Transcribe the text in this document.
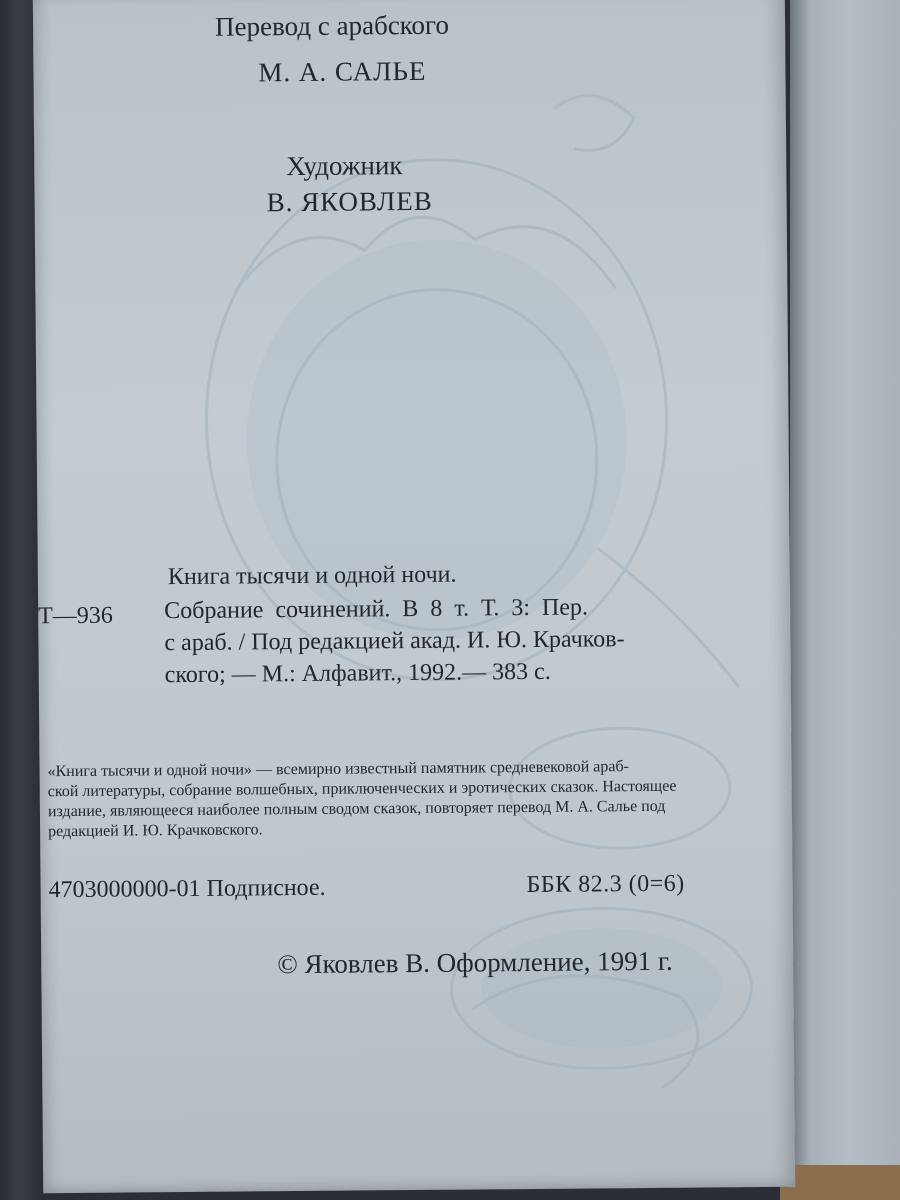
Перевод с арабского
М. А. САЛЬЕ
Художник
В. ЯКОВЛЕВ
Книга тысячи и одной ночи.
Т—936 Собрание сочинений. В 8 т. Т. 3: Пер.
с араб. / Под редакцией акад. И. Ю. Крачков-
ского; — М.: Алфавит., 1992.— 383 с.
«Книга тысячи и одной ночи» — всемирно известный памятник средневековой араб-
ской литературы, собрание волшебных, приключенческих и эротических сказок. Настоящее
издание, являющееся наиболее полным сводом сказок, повторяет перевод М. А. Салье под
редакцией И. Ю. Крачковского.
4703000000-01 Подписное.	ББК 82.3 (0=6)
© Яковлев В. Оформление, 1991 г.
